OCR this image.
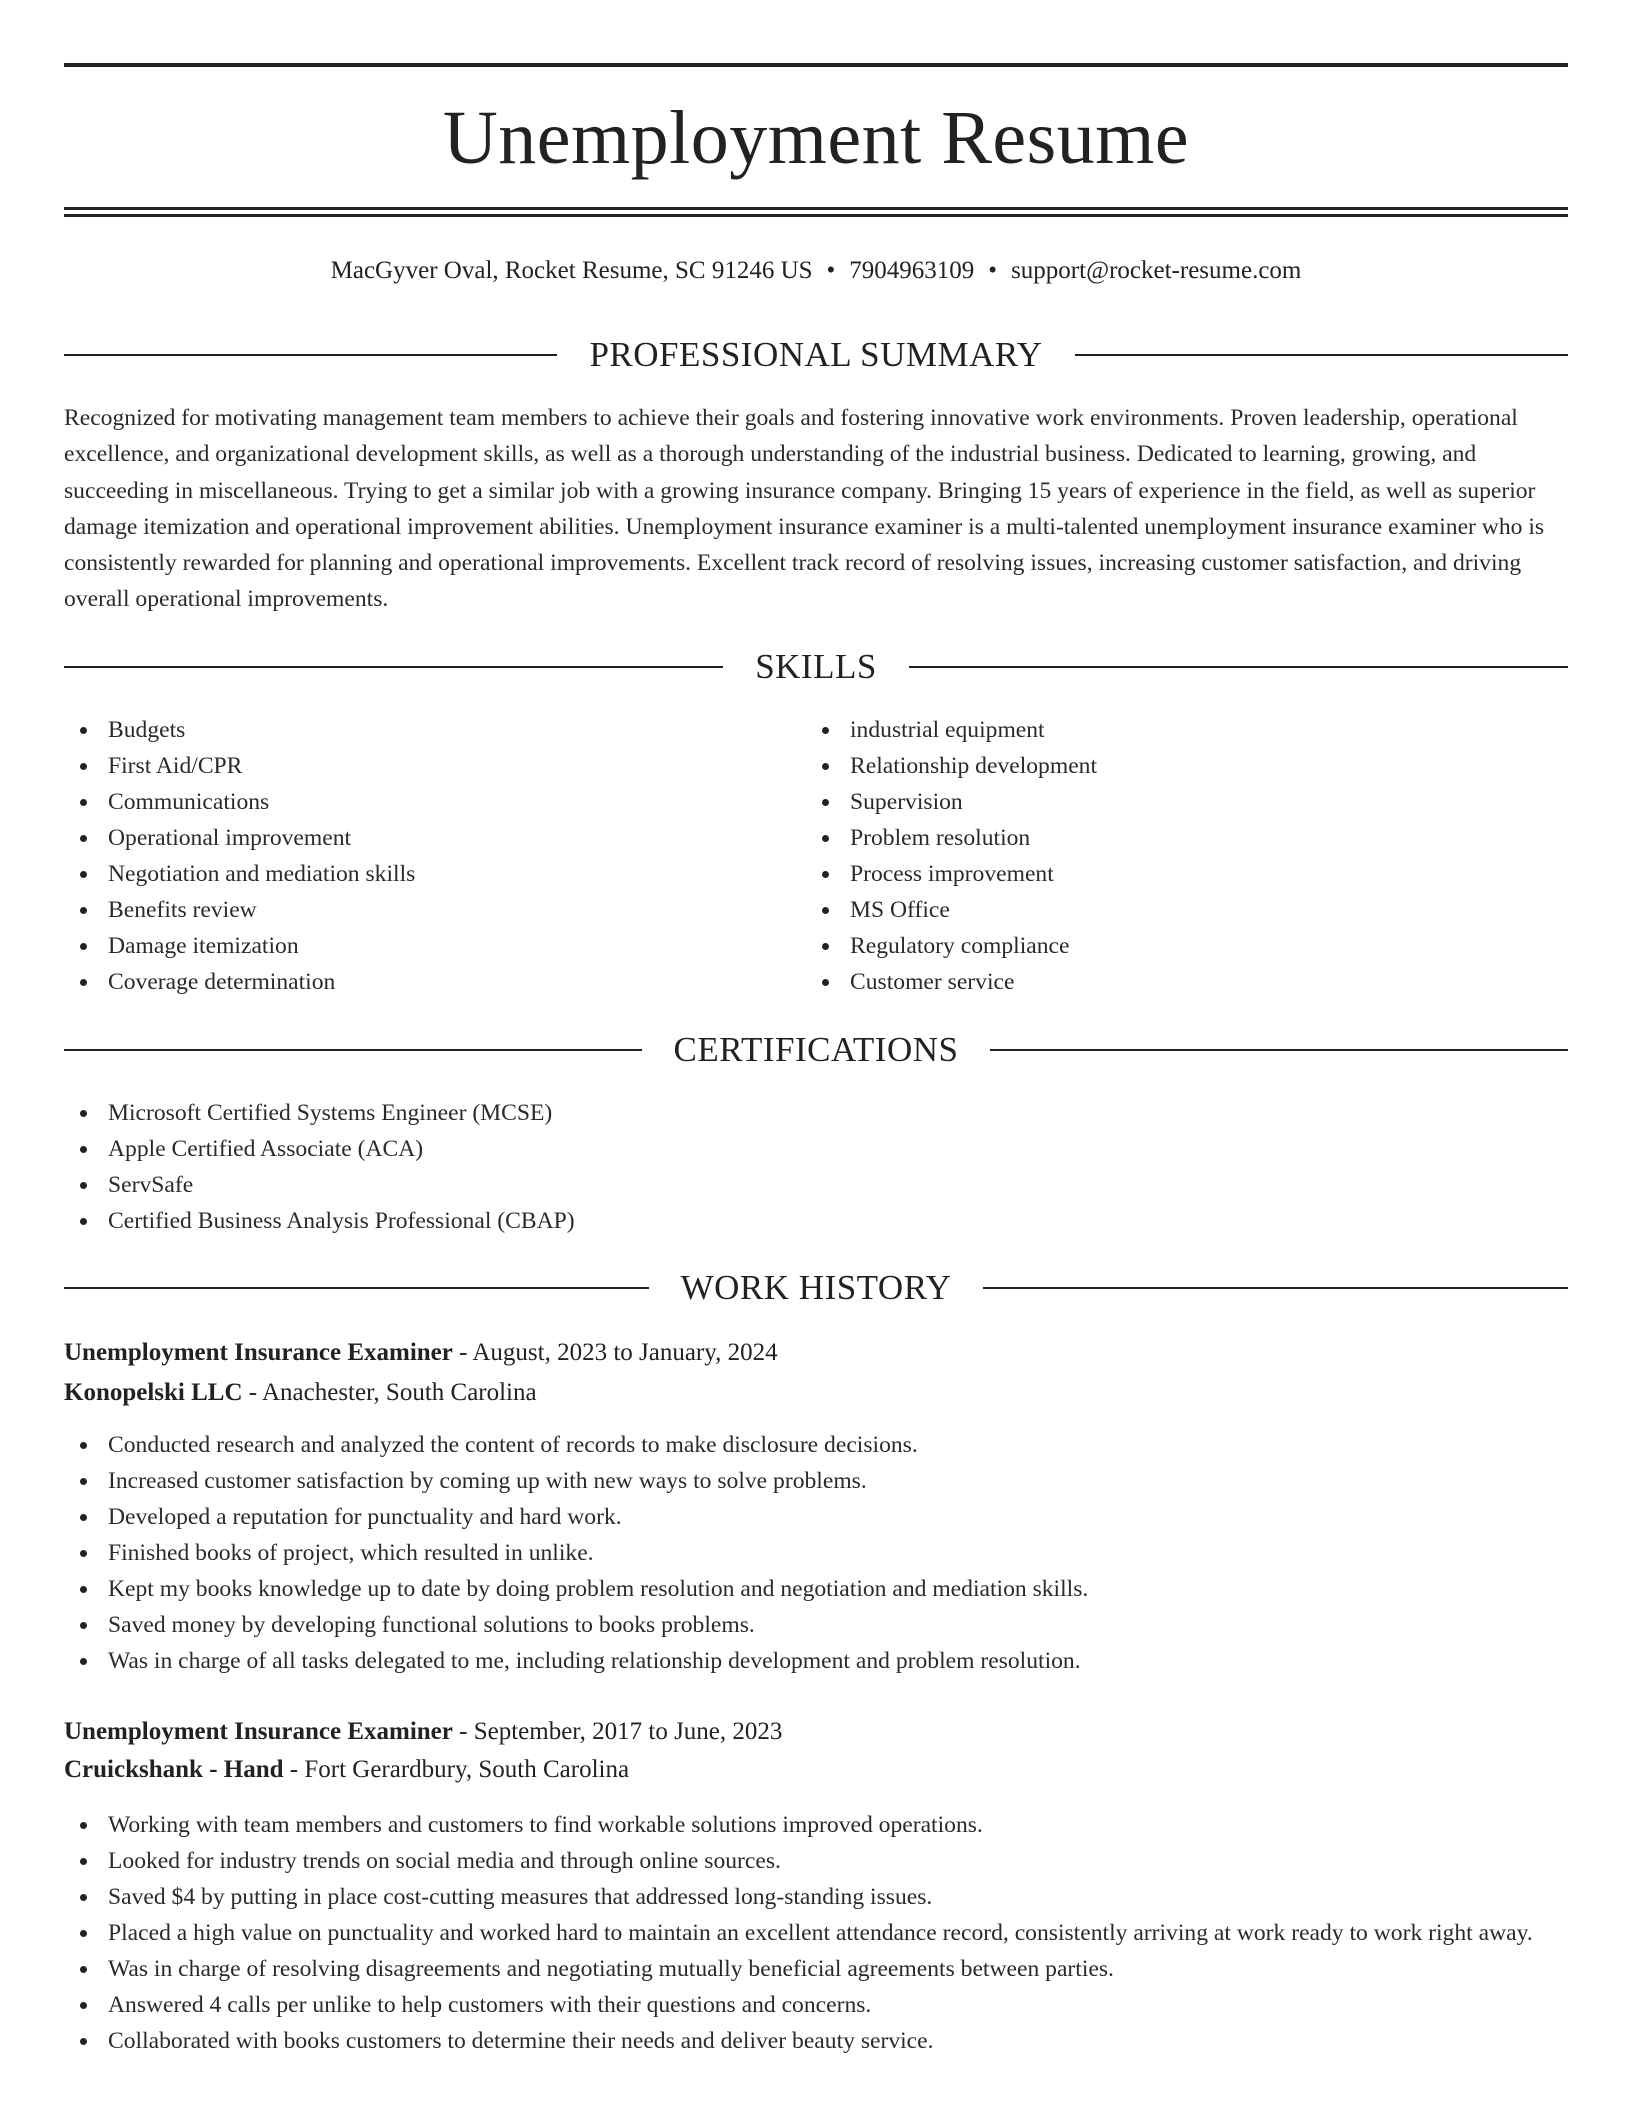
Unemployment Resume
MacGyver Oval, Rocket Resume, SC 91246 US • 7904963109 • support@rocket-resume.com
PROFESSIONAL SUMMARY
Recognized for motivating management team members to achieve their goals and fostering innovative work environments. Proven leadership, operational excellence, and organizational development skills, as well as a thorough understanding of the industrial business. Dedicated to learning, growing, and succeeding in miscellaneous. Trying to get a similar job with a growing insurance company. Bringing 15 years of experience in the field, as well as superior damage itemization and operational improvement abilities. Unemployment insurance examiner is a multi-talented unemployment insurance examiner who is consistently rewarded for planning and operational improvements. Excellent track record of resolving issues, increasing customer satisfaction, and driving overall operational improvements.
SKILLS
Budgets
First Aid/CPR
Communications
Operational improvement
Negotiation and mediation skills
Benefits review
Damage itemization
Coverage determination
industrial equipment
Relationship development
Supervision
Problem resolution
Process improvement
MS Office
Regulatory compliance
Customer service
CERTIFICATIONS
Microsoft Certified Systems Engineer (MCSE)
Apple Certified Associate (ACA)
ServSafe
Certified Business Analysis Professional (CBAP)
WORK HISTORY
Unemployment Insurance Examiner - August, 2023 to January, 2024
Konopelski LLC - Anachester, South Carolina
Conducted research and analyzed the content of records to make disclosure decisions.
Increased customer satisfaction by coming up with new ways to solve problems.
Developed a reputation for punctuality and hard work.
Finished books of project, which resulted in unlike.
Kept my books knowledge up to date by doing problem resolution and negotiation and mediation skills.
Saved money by developing functional solutions to books problems.
Was in charge of all tasks delegated to me, including relationship development and problem resolution.
Unemployment Insurance Examiner - September, 2017 to June, 2023
Cruickshank - Hand - Fort Gerardbury, South Carolina
Working with team members and customers to find workable solutions improved operations.
Looked for industry trends on social media and through online sources.
Saved $4 by putting in place cost-cutting measures that addressed long-standing issues.
Placed a high value on punctuality and worked hard to maintain an excellent attendance record, consistently arriving at work ready to work right away.
Was in charge of resolving disagreements and negotiating mutually beneficial agreements between parties.
Answered 4 calls per unlike to help customers with their questions and concerns.
Collaborated with books customers to determine their needs and deliver beauty service.
